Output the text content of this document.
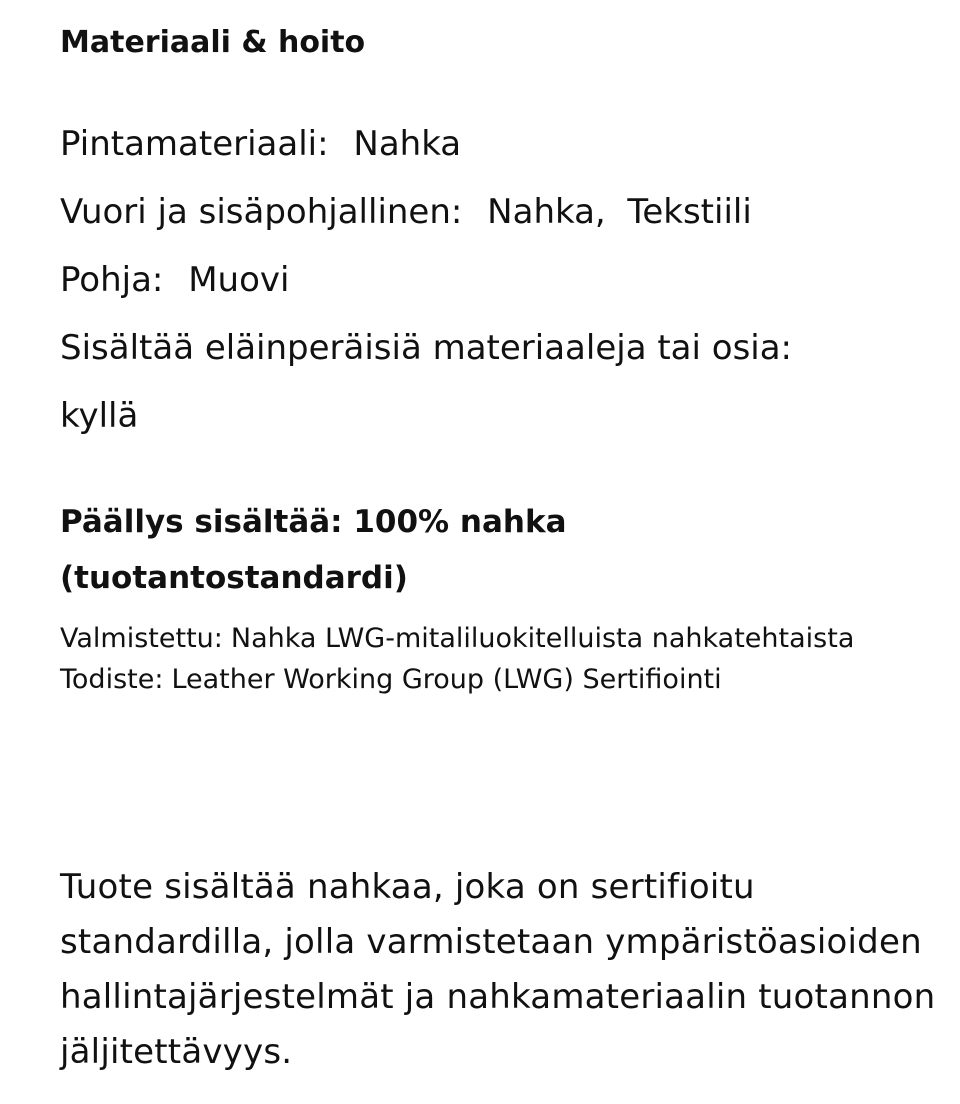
Materiaali & hoito
Pintamateriaali: Nahka
Vuori ja sisäpohjallinen: Nahka, Tekstiili
Pohja: Muovi
Sisältää eläinperäisiä materiaaleja tai osia:
kyllä
Päällys sisältää: 100% nahka (tuotantostandardi)
Valmistettu: Nahka LWG-mitaliluokitelluista nahkatehtaista
Todiste: Leather Working Group (LWG) Sertifiointi
Tuote sisältää nahkaa, joka on sertifioitu standardilla, jolla varmistetaan ympäristöasioiden hallintajärjestelmät ja nahkamateriaalin tuotannon jäljitettävyys.
